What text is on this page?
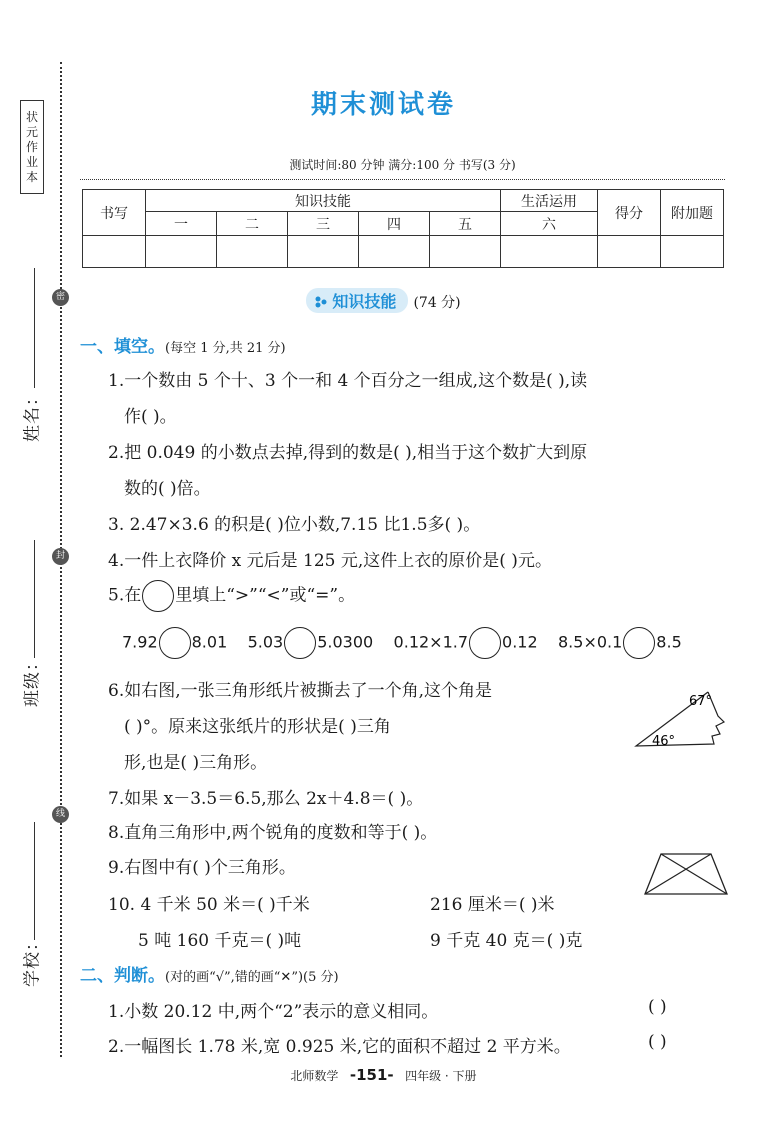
状
元
作
业
本
密
封
线
姓名：
班级：
学校：
期末测试卷
测试时间:80 分钟 满分:100 分 书写(3 分)
书写	知识技能					生活运用	得分	附加题
	一	二	三	四	五	六		

知识技能 (74 分)
一、填空。(每空 1 分,共 21 分)
1.一个数由 5 个十、3 个一和 4 个百分之一组成,这个数是( ),读
作( )。
2.把 0.049 的小数点去掉,得到的数是( ),相当于这个数扩大到原
数的( )倍。
3. 2.47×3.6 的积是( )位小数,7.15 比1.5多( )。
4.一件上衣降价 x 元后是 125 元,这件上衣的原价是( )元。
5.在 里填上“>”“<”或“=”。
7.92 8.01 5.03 5.0300 0.12×1.7 0.12 8.5×0.1 8.5
6.如右图,一张三角形纸片被撕去了一个角,这个角是
( )°。原来这张纸片的形状是( )三角
形,也是( )三角形。
67°
46°
7.如果 x－3.5＝6.5,那么 2x＋4.8＝( )。
8.直角三角形中,两个锐角的度数和等于( )。
9.右图中有( )个三角形。
10. 4 千米 50 米＝( )千米	216 厘米＝( )米
5 吨 160 千克＝( )吨	9 千克 40 克＝( )克
二、判断。(对的画“√”,错的画“✕”)(5 分)
1.小数 20.12 中,两个“2”表示的意义相同。	( )
2.一幅图长 1.78 米,宽 0.925 米,它的面积不超过 2 平方米。	( )
北师数学 -151- 四年级 · 下册
